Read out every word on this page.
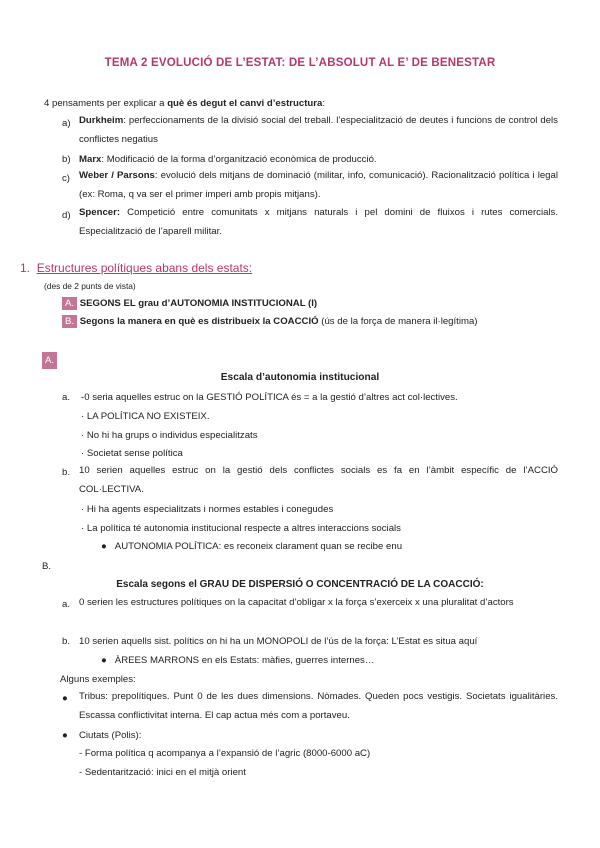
TEMA 2 EVOLUCIÓ DE L’ESTAT: DE L’ABSOLUT AL E’ DE BENESTAR
4 pensaments per explicar a què és degut el canvi d’estructura:
a) Durkheim: perfeccionaments de la divisió social del treball. l’especialització de deutes i funcions de control dels conflictes negatius
b) Marx: Modificació de la forma d’organització econòmica de producció.
c) Weber / Parsons: evolució dels mitjans de dominació (militar, info, comunicació). Racionalització política i legal (ex: Roma, q va ser el primer imperi amb propis mitjans).
d) Spencer: Competició entre comunitats x mitjans naturals i pel domini de fluixos i rutes comercials. Especialització de l’aparell militar.
1. Estructures polítiques abans dels estats:
(des de 2 punts de vista)
A. SEGONS EL grau d’AUTONOMIA INSTITUCIONAL (I)
B. Segons la manera en què es distribueix la COACCIÓ (ús de la força de manera il·legítima)
A.
Escala d’autonomia institucional
a. -0 seria aquelles estruc on la GESTIÓ POLÍTICA és = a la gestió d’altres act col·lectives.
· LA POLÍTICA NO EXISTEIX.
· No hi ha grups o individus especialitzats
· Societat sense política
b. 10 serien aquelles estruc on la gestió dels conflictes socials es fa en l’àmbit específic de l’ACCIÓ COL·LECTIVA.
· Hi ha agents especialitzats i normes estables i conegudes
· La política té autonomia institucional respecte a altres interaccions socials
● AUTONOMIA POLÍTICA: es reconeix clarament quan se recibe enu
B.
Escala segons el GRAU DE DISPERSIÓ O CONCENTRACIÓ DE LA COACCIÓ:
a. 0 serien les estructures polítiques on la capacitat d’obligar x la força s’exerceix x una pluralitat d’actors
b. 10 serien aquells sist. polítics on hi ha un MONOPOLI de l’ús de la força: L’Estat es situa aquí
● ÀREES MARRONS en els Estats: màfies, guerres internes…
Alguns exemples:
● Tribus: prepolítiques. Punt 0 de les dues dimensions. Nòmades. Queden pocs vestigis. Societats igualitàries. Escassa conflictivitat interna. El cap actua més com a portaveu.
● Ciutats (Polis):
- Forma política q acompanya a l’expansió de l’agric (8000-6000 aC)
- Sedentarització: inici en el mitjà orient
